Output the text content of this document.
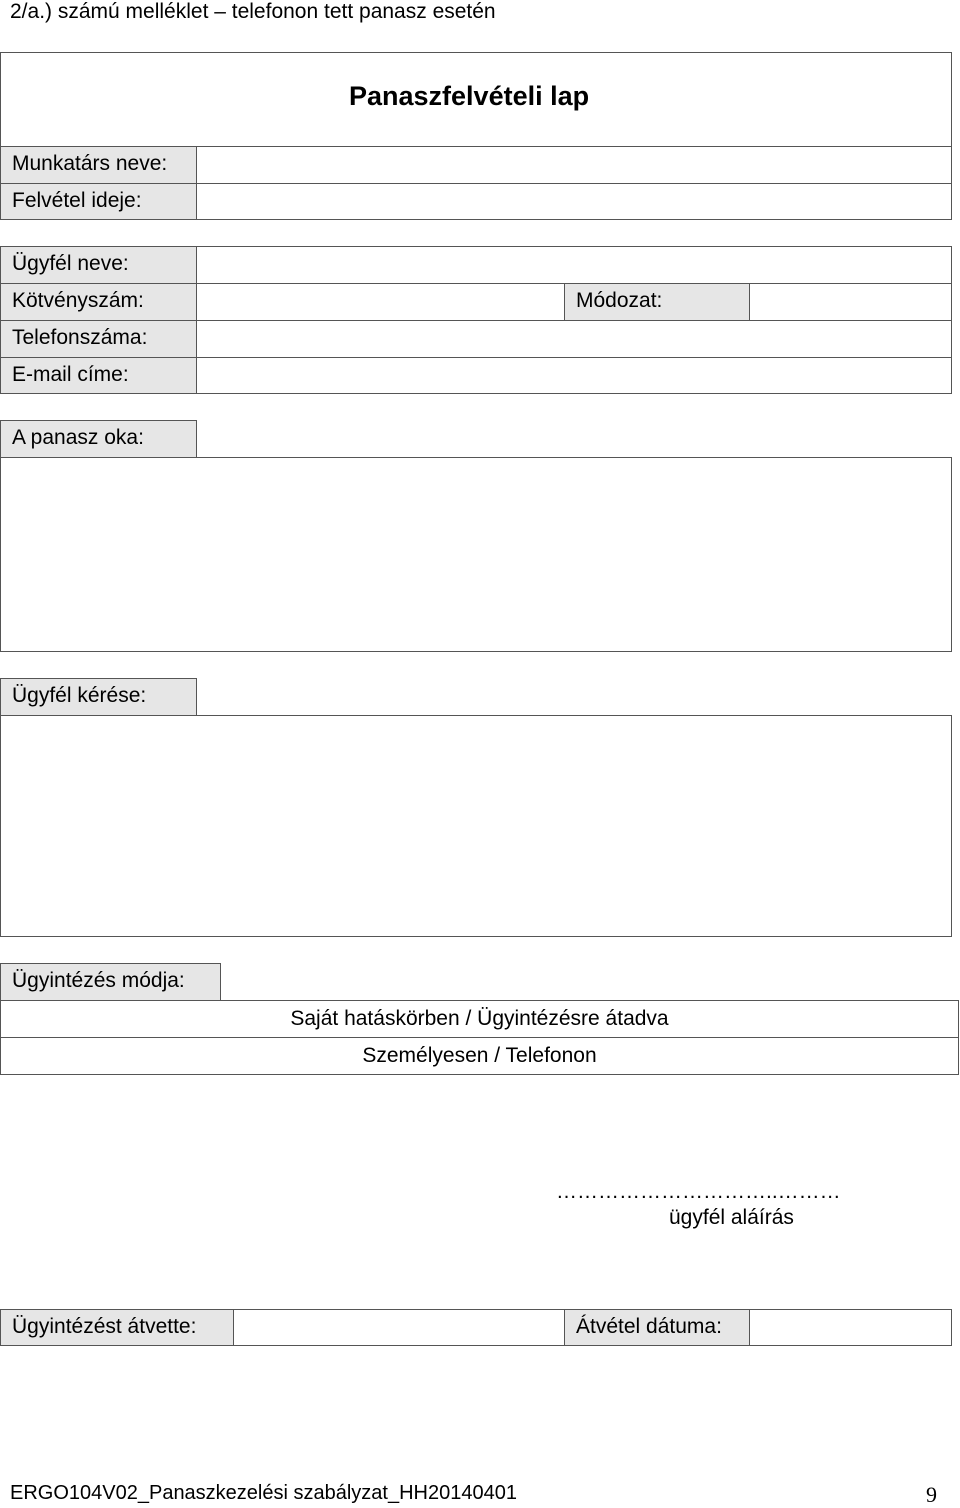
2/a.) számú melléklet – telefonon tett panasz esetén
Panaszfelvételi lap
Munkatárs neve:
Felvétel ideje:
Ügyfél neve:
Kötvényszám:	Módozat:
Telefonszáma:
E-mail címe:
A panasz oka:
Ügyfél kérése:
Ügyintézés módja:
Saját hatáskörben / Ügyintézésre átadva
Személyesen / Telefonon
…………………………..………
ügyfél aláírás
Ügyintézést átvette:	Átvétel dátuma:
ERGO104V02_Panaszkezelési szabályzat_HH20140401	9
